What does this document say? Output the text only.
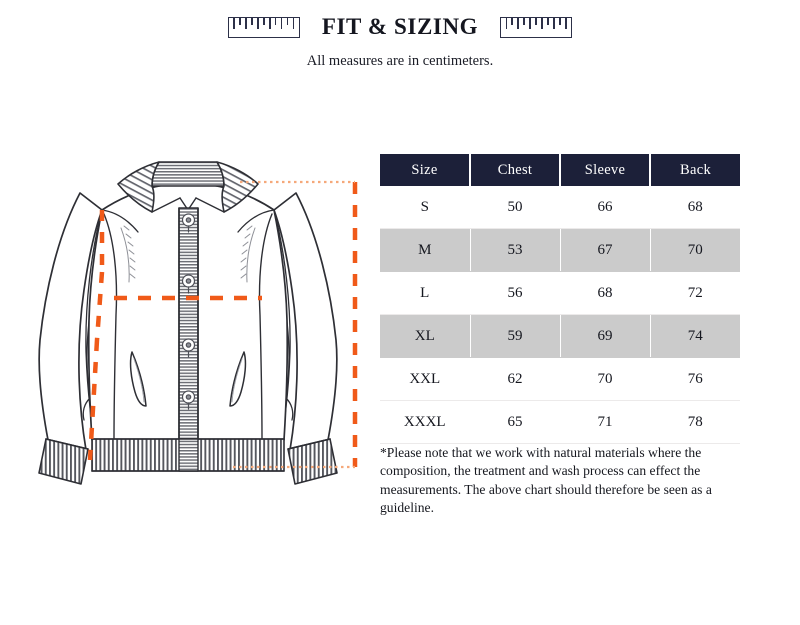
FIT & SIZING
All measures are in centimeters.
Size	Chest	Sleeve	Back
S	50	66	68
M	53	67	70
L	56	68	72
XL	59	69	74
XXL	62	70	76
XXXL	65	71	78
*Please note that we work with natural materials where the composition, the treatment and wash process can effect the measurements. The above chart should therefore be seen as a guideline.
